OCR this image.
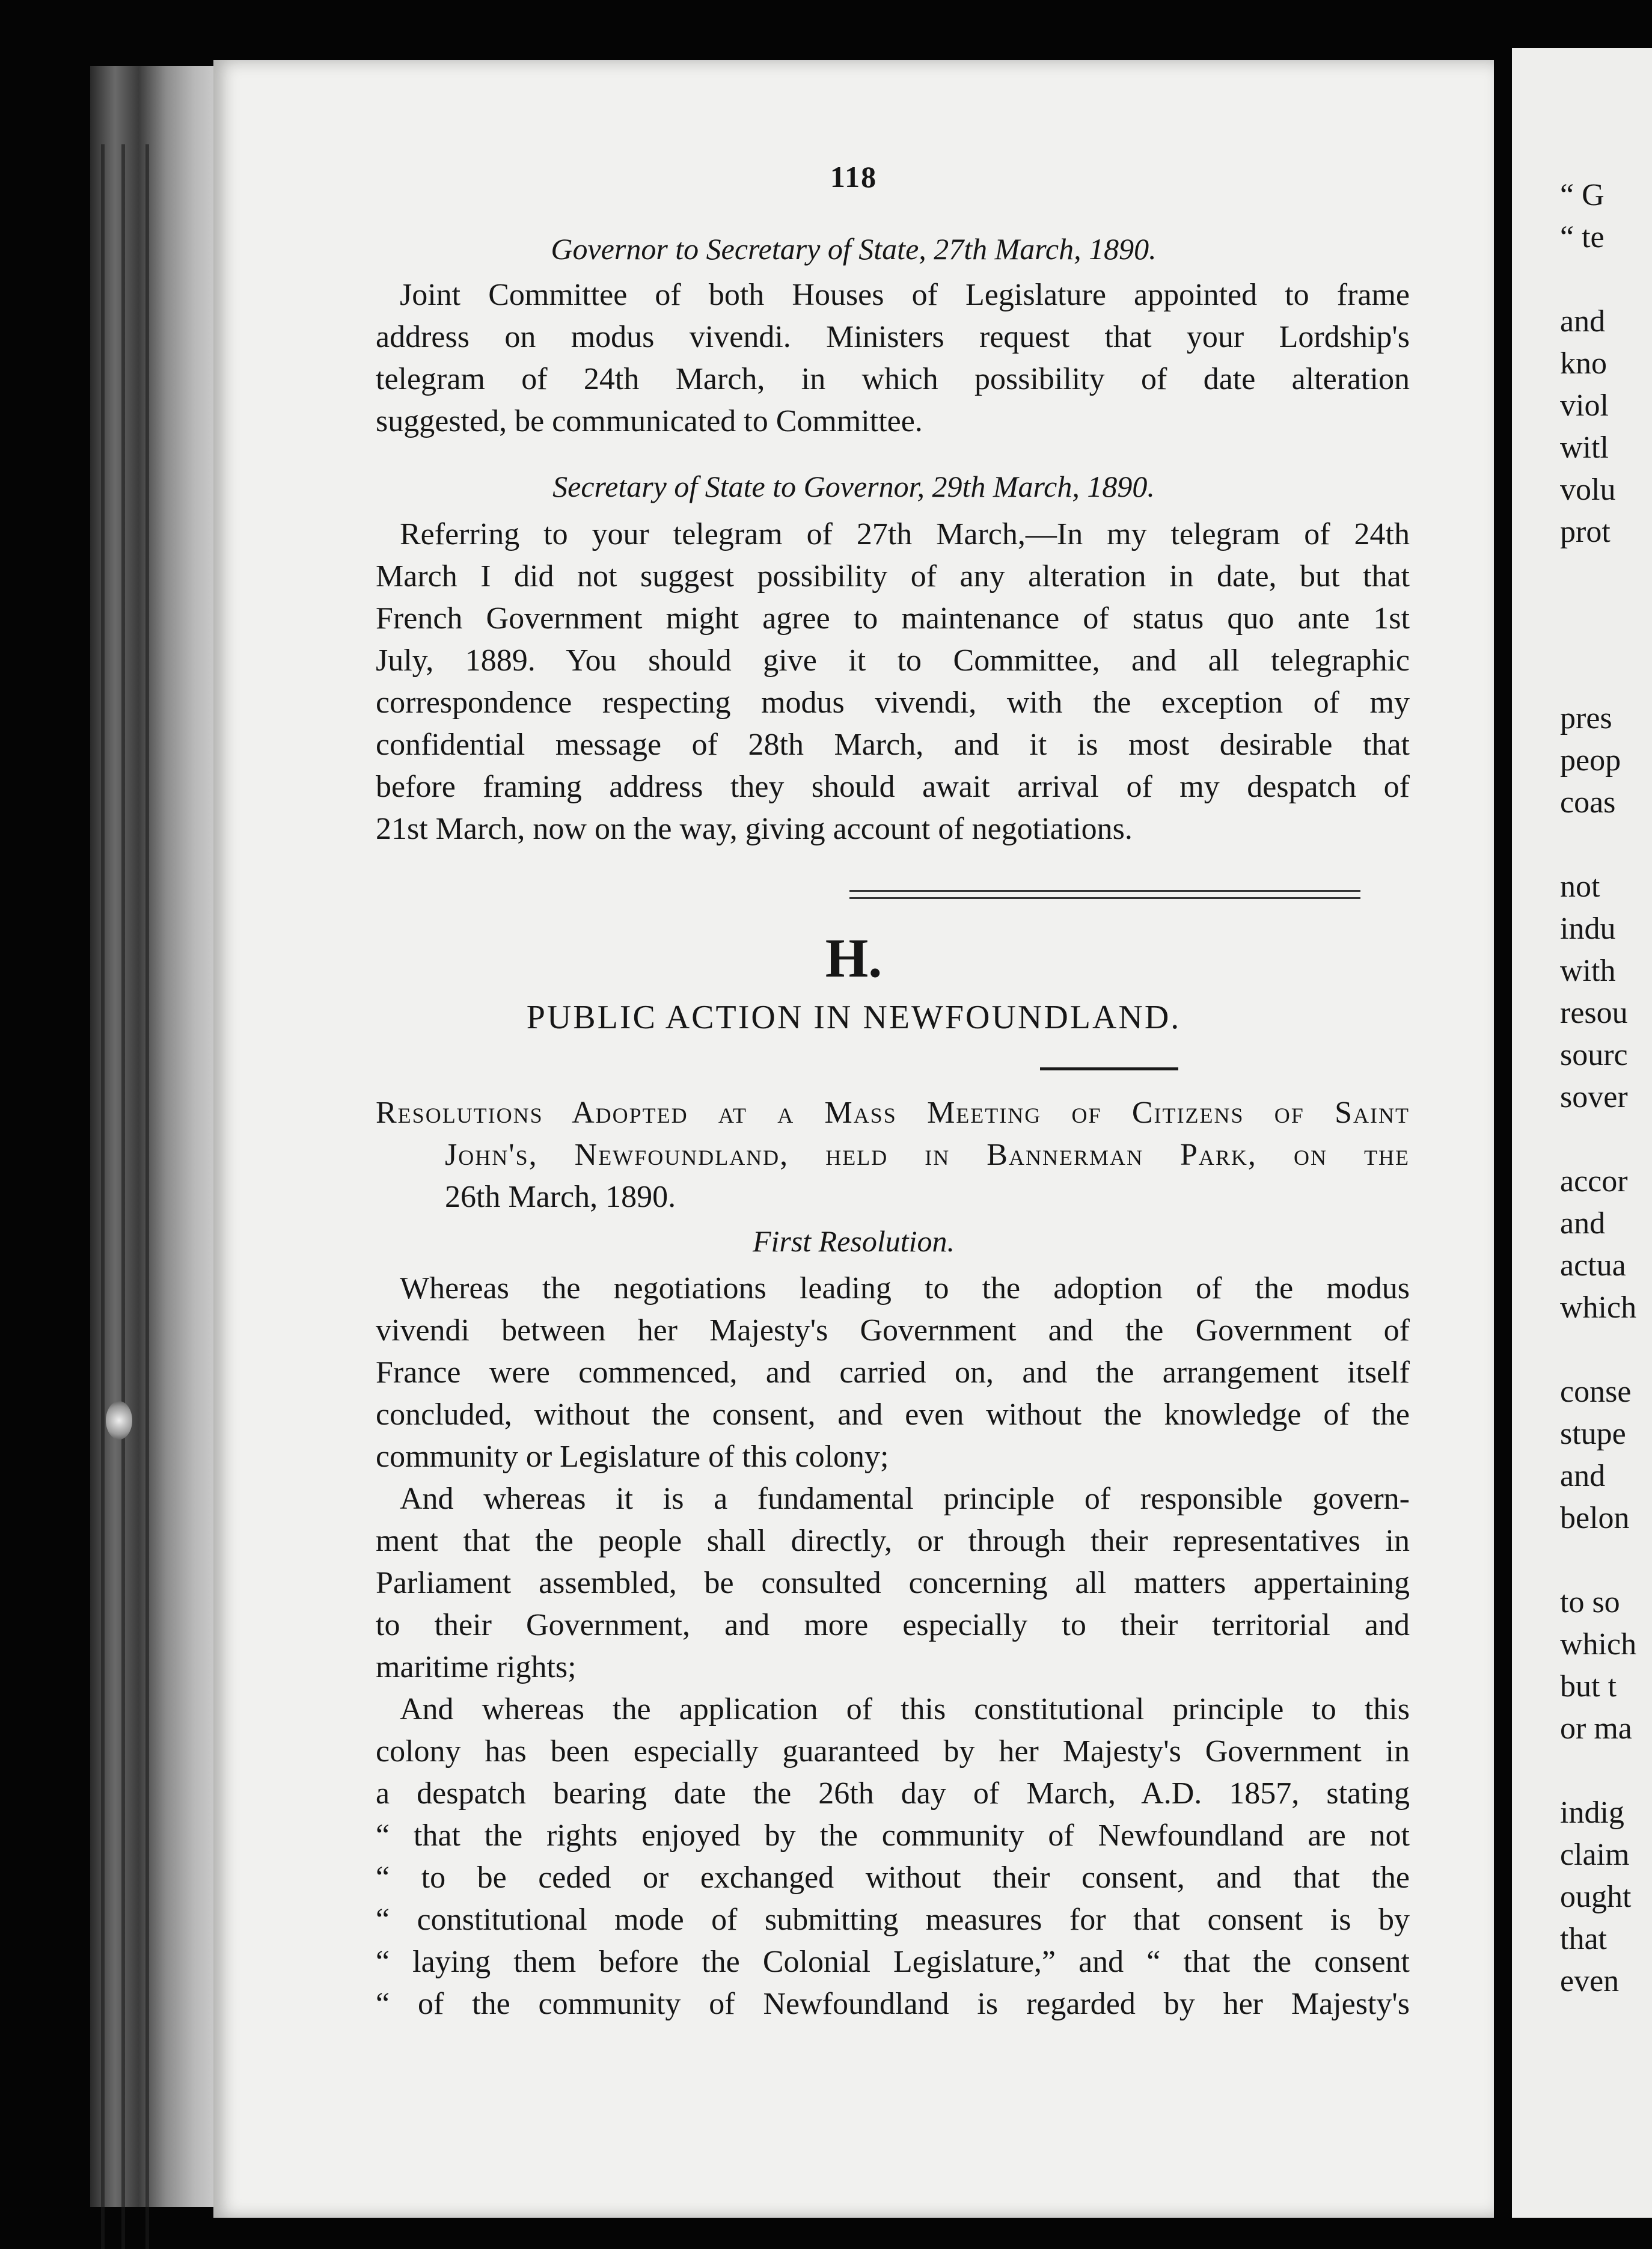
118
Governor to Secretary of State, 27th March, 1890.
Joint Committee of both Houses of Legislature appointed to frame
address on modus vivendi. Ministers request that your Lordship's
telegram of 24th March, in which possibility of date alteration
suggested, be communicated to Committee.
Secretary of State to Governor, 29th March, 1890.
Referring to your telegram of 27th March,—In my telegram of 24th
March I did not suggest possibility of any alteration in date, but that
French Government might agree to maintenance of status quo ante 1st
July, 1889. You should give it to Committee, and all telegraphic
correspondence respecting modus vivendi, with the exception of my
confidential message of 28th March, and it is most desirable that
before framing address they should await arrival of my despatch of
21st March, now on the way, giving account of negotiations.
H.
PUBLIC ACTION IN NEWFOUNDLAND.
Resolutions Adopted at a Mass Meeting of Citizens of Saint
John's, Newfoundland, held in Bannerman Park, on the
26th March, 1890.
First Resolution.
Whereas the negotiations leading to the adoption of the modus
vivendi between her Majesty's Government and the Government of
France were commenced, and carried on, and the arrangement itself
concluded, without the consent, and even without the knowledge of the
community or Legislature of this colony;
And whereas it is a fundamental principle of responsible govern-
ment that the people shall directly, or through their representatives in
Parliament assembled, be consulted concerning all matters appertaining
to their Government, and more especially to their territorial and
maritime rights;
And whereas the application of this constitutional principle to this
colony has been especially guaranteed by her Majesty's Government in
a despatch bearing date the 26th day of March, A.D. 1857, stating
“ that the rights enjoyed by the community of Newfoundland are not
“ to be ceded or exchanged without their consent, and that the
“ constitutional mode of submitting measures for that consent is by
“ laying them before the Colonial Legislature,” and “ that the consent
“ of the community of Newfoundland is regarded by her Majesty's
“ G
“ te
and
kno
viol
witl
volu
prot
pres
peop
coas
not
indu
with
resou
sourc
sover
accor
and
actua
which
conse
stupe
and
belon
to so
which
but t
or ma
indig
claim
ought
that
even
